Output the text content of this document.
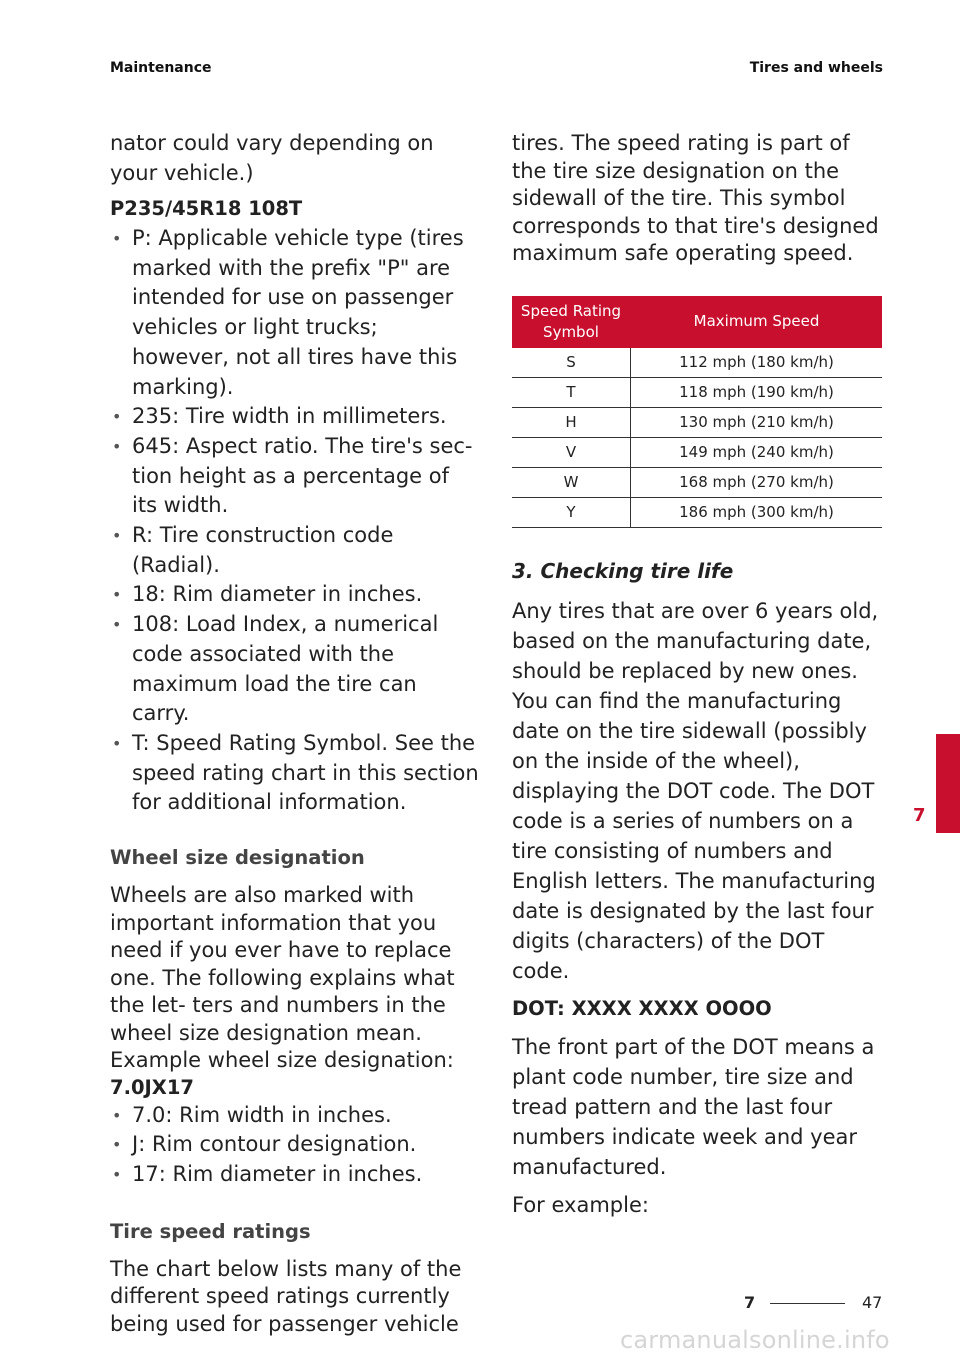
Maintenance	Tires and wheels

nator could vary depending on your vehicle.)

P235/45R18 108T

• P: Applicable vehicle type (tires marked with the prefix "P" are intended for use on passenger vehicles or light trucks; however, not all tires have this marking).
• 235: Tire width in millimeters.
• 645: Aspect ratio. The tire's sec- tion height as a percentage of its width.
• R: Tire construction code (Radial).
• 18: Rim diameter in inches.
• 108: Load Index, a numerical code associated with the maximum load the tire can carry.
• T: Speed Rating Symbol. See the speed rating chart in this section for additional information.
Wheel size designation

Wheels are also marked with important information that you need if you ever have to replace one. The following explains what the let- ters and numbers in the wheel size designation mean.

Example wheel size designation:

7.0JX17

• 7.0: Rim width in inches.
• J: Rim contour designation.
• 17: Rim diameter in inches.
Tire speed ratings

The chart below lists many of the different speed ratings currently being used for passenger vehicle

tires. The speed rating is part of the tire size designation on the sidewall of the tire. This symbol corresponds to that tire's designed maximum safe operating speed.

Speed Rating Symbol	Maximum Speed
S	112 mph (180 km/h)
T	118 mph (190 km/h)
H	130 mph (210 km/h)
V	149 mph (240 km/h)
W	168 mph (270 km/h)
Y	186 mph (300 km/h)
3. Checking tire life

Any tires that are over 6 years old, based on the manufacturing date, should be replaced by new ones. You can find the manufacturing date on the tire sidewall (possibly on the inside of the wheel), displaying the DOT code. The DOT code is a series of numbers on a tire consisting of numbers and English letters. The manufacturing date is designated by the last four digits (characters) of the DOT code.

DOT: XXXX XXXX OOOO

The front part of the DOT means a plant code number, tire size and tread pattern and the last four numbers indicate week and year manufactured.

For example:

7
7	47
carmanualsonline.info
